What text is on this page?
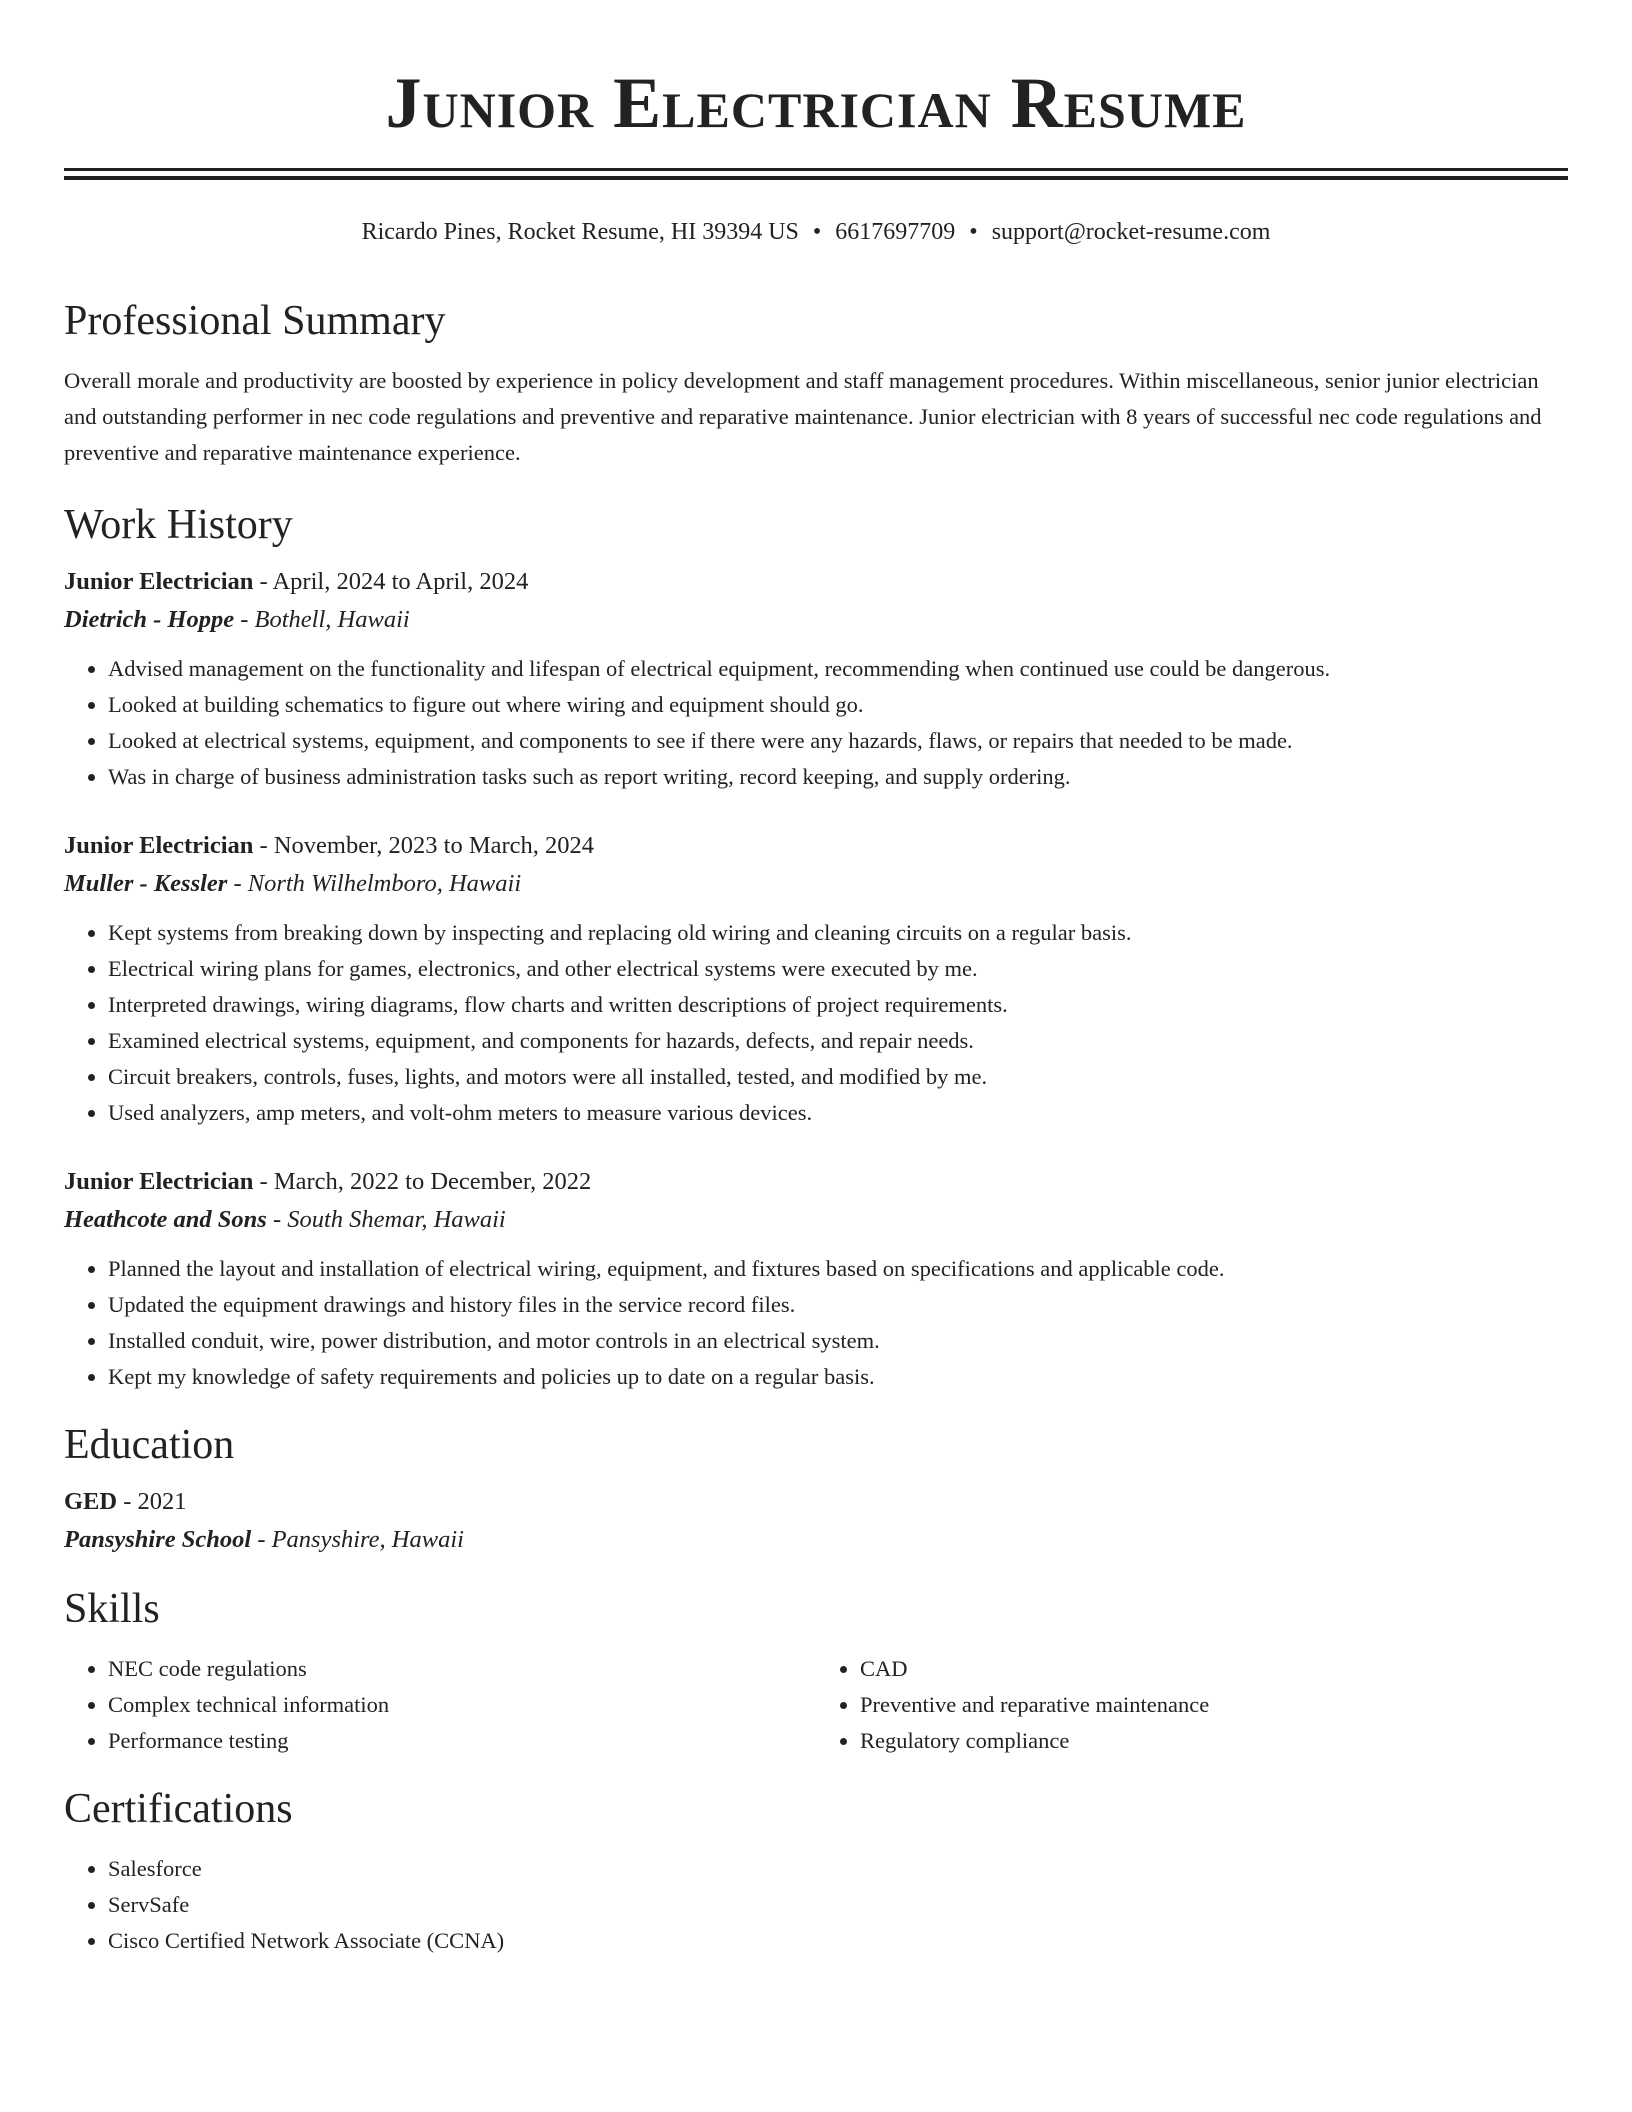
Junior Electrician Resume
Ricardo Pines, Rocket Resume, HI 39394 US • 6617697709 • support@rocket-resume.com
Professional Summary

Overall morale and productivity are boosted by experience in policy development and staff management procedures. Within miscellaneous, senior junior electrician and outstanding performer in nec code regulations and preventive and reparative maintenance. Junior electrician with 8 years of successful nec code regulations and preventive and reparative maintenance experience.

Work History
Junior Electrician - April, 2024 to April, 2024
Dietrich - Hoppe - Bothell, Hawaii
• Advised management on the functionality and lifespan of electrical equipment, recommending when continued use could be dangerous.
• Looked at building schematics to figure out where wiring and equipment should go.
• Looked at electrical systems, equipment, and components to see if there were any hazards, flaws, or repairs that needed to be made.
• Was in charge of business administration tasks such as report writing, record keeping, and supply ordering.
Junior Electrician - November, 2023 to March, 2024
Muller - Kessler - North Wilhelmboro, Hawaii
• Kept systems from breaking down by inspecting and replacing old wiring and cleaning circuits on a regular basis.
• Electrical wiring plans for games, electronics, and other electrical systems were executed by me.
• Interpreted drawings, wiring diagrams, flow charts and written descriptions of project requirements.
• Examined electrical systems, equipment, and components for hazards, defects, and repair needs.
• Circuit breakers, controls, fuses, lights, and motors were all installed, tested, and modified by me.
• Used analyzers, amp meters, and volt-ohm meters to measure various devices.
Junior Electrician - March, 2022 to December, 2022
Heathcote and Sons - South Shemar, Hawaii
• Planned the layout and installation of electrical wiring, equipment, and fixtures based on specifications and applicable code.
• Updated the equipment drawings and history files in the service record files.
• Installed conduit, wire, power distribution, and motor controls in an electrical system.
• Kept my knowledge of safety requirements and policies up to date on a regular basis.
Education
GED - 2021
Pansyshire School - Pansyshire, Hawaii
Skills
• NEC code regulations
• Complex technical information
• Performance testing
• CAD
• Preventive and reparative maintenance
• Regulatory compliance
Certifications
• Salesforce
• ServSafe
• Cisco Certified Network Associate (CCNA)
